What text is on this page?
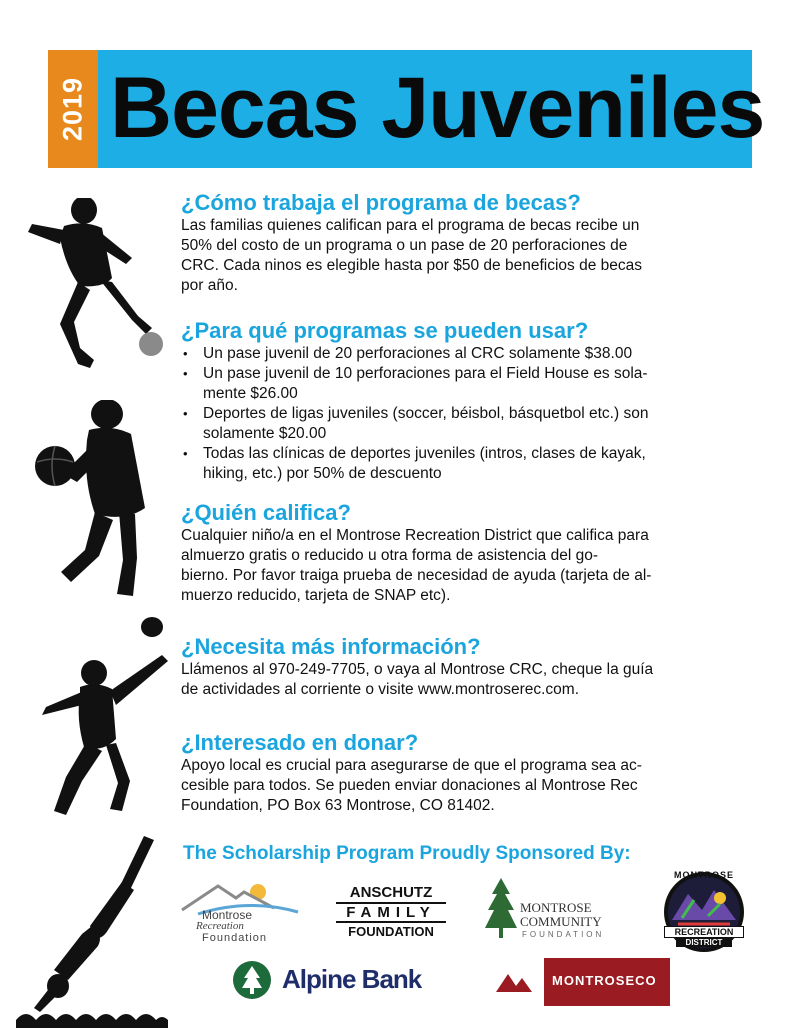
2019 Becas Juveniles
¿Cómo trabaja el programa de becas?
Las familias quienes califican para el programa de becas recibe un
50% del costo de un programa o un pase de 20 perforaciones de
CRC. Cada ninos es elegible hasta por $50 de beneficios de becas
por año.
¿Para qué programas se pueden usar?
• Un pase juvenil de 20 perforaciones al CRC solamente $38.00
• Un pase juvenil de 10 perforaciones para el Field House es sola-
mente $26.00
• Deportes de ligas juveniles (soccer, béisbol, básquetbol etc.) son
solamente $20.00
• Todas las clínicas de deportes juveniles (intros, clases de kayak,
hiking, etc.) por 50% de descuento
¿Quién califica?
Cualquier niño/a en el Montrose Recreation District que califica para
almuerzo gratis o reducido u otra forma de asistencia del go-
bierno. Por favor traiga prueba de necesidad de ayuda (tarjeta de al-
muerzo reducido, tarjeta de SNAP etc).
¿Necesita más información?
Llámenos al 970-249-7705, o vaya al Montrose CRC, cheque la guía
de actividades al corriente o visite www.montroserec.com.
¿Interesado en donar?
Apoyo local es crucial para asegurarse de que el programa sea ac-
cesible para todos. Se pueden enviar donaciones al Montrose Rec
Foundation, PO Box 63 Montrose, CO 81402.
The Scholarship Program Proudly Sponsored By:
Montrose
Recreation
Foundation
ANSCHUTZ
FAMILY
FOUNDATION
MONTROSE
COMMUNITY
FOUNDATION
MONTROSE
RECREATION
DISTRICT
Alpine Bank	MONTROSECO
